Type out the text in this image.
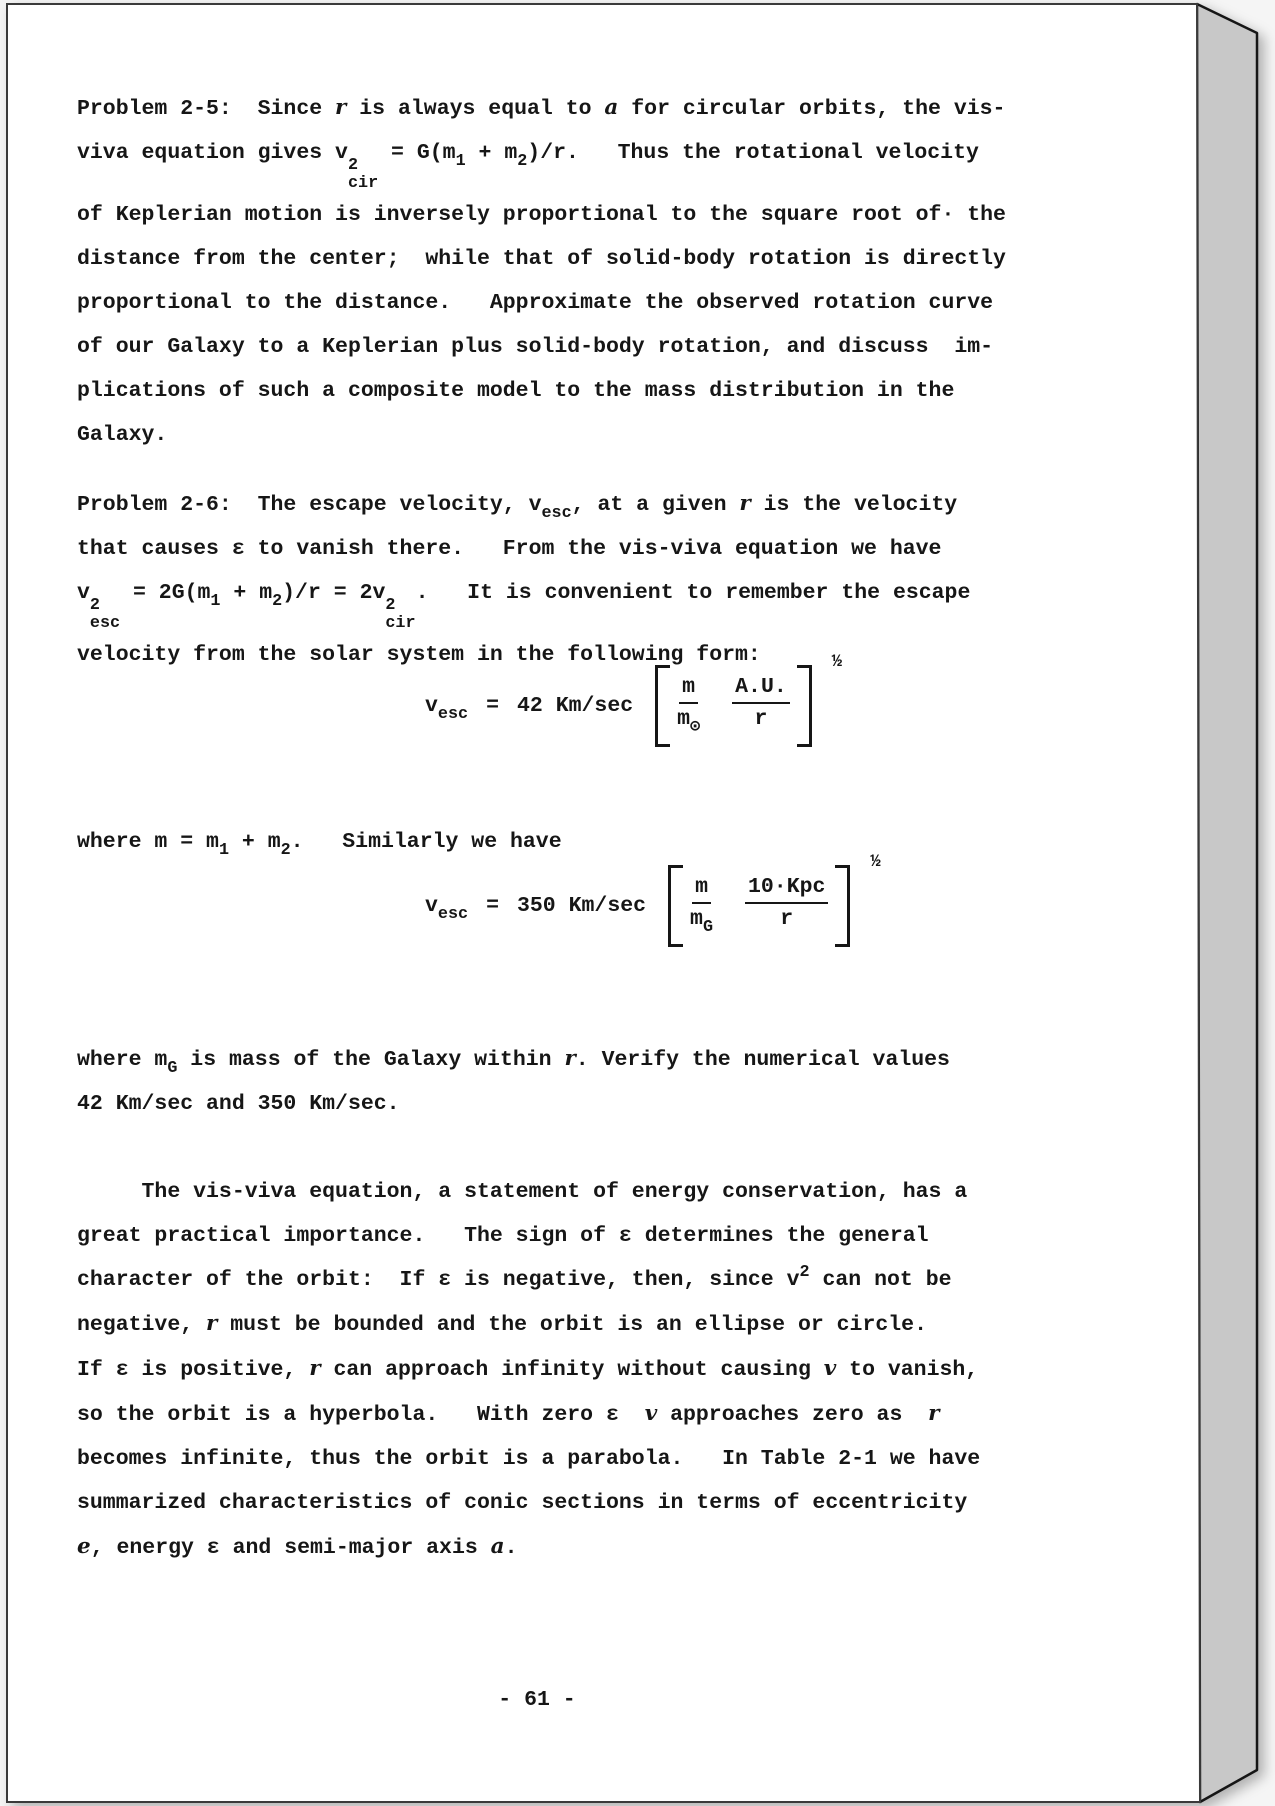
Problem 2-5:  Since r is always equal to a for circular orbits, the vis-
viva equation gives v
2
cir
= $G(m_1 + m_2)/r$.   Thus the rotational velocity
of Keplerian motion is inversely proportional to the square root of· the
distance from the center;  while that of solid-body rotation is directly
proportional to the distance.   Approximate the observed rotation curve
of our Galaxy to a Keplerian plus solid-body rotation, and discuss  im-
plications of such a composite model to the mass distribution in the
Galaxy.
Problem 2-6:  The escape velocity, $v_{esc}$, at a given r is the velocity
that causes ε to vanish there.   From the vis-viva equation we have
v
2
esc
= $2G(m_1 + m_2)/r = 2v$
2
cir
.   It is convenient to remember the escape
velocity from the solar system in the following form:
$v_{esc} = 42$ $Km/\sec \frac{m}{m_⊙} \frac{A.U.}{r}$
½
where $m = m_1 + m_2$.   Similarly we have
$v_{esc} = 350$ $Km/\sec \frac{m}{m_G} \frac{\text{10·Kpc}}{r}$
½
where $m_G$ is mass of the Galaxy within r. Verify the numerical values
42 Km/sec and 350 Km/sec.
The vis-viva equation, a statement of energy conservation, has a
great practical importance.   The sign of ε determines the general
character of the orbit:  If ε is negative, then, since $v^2$ can not be
negative, r must be bounded and the orbit is an ellipse or circle.
If ε is positive, r can approach infinity without causing v to vanish,
so the orbit is a hyperbola.   With zero ε  v approaches zero as  r
becomes infinite, thus the orbit is a parabola.   In Table 2-1 we have
summarized characteristics of conic sections in terms of eccentricity
e, energy ε and semi-major axis a.
- 61 -
